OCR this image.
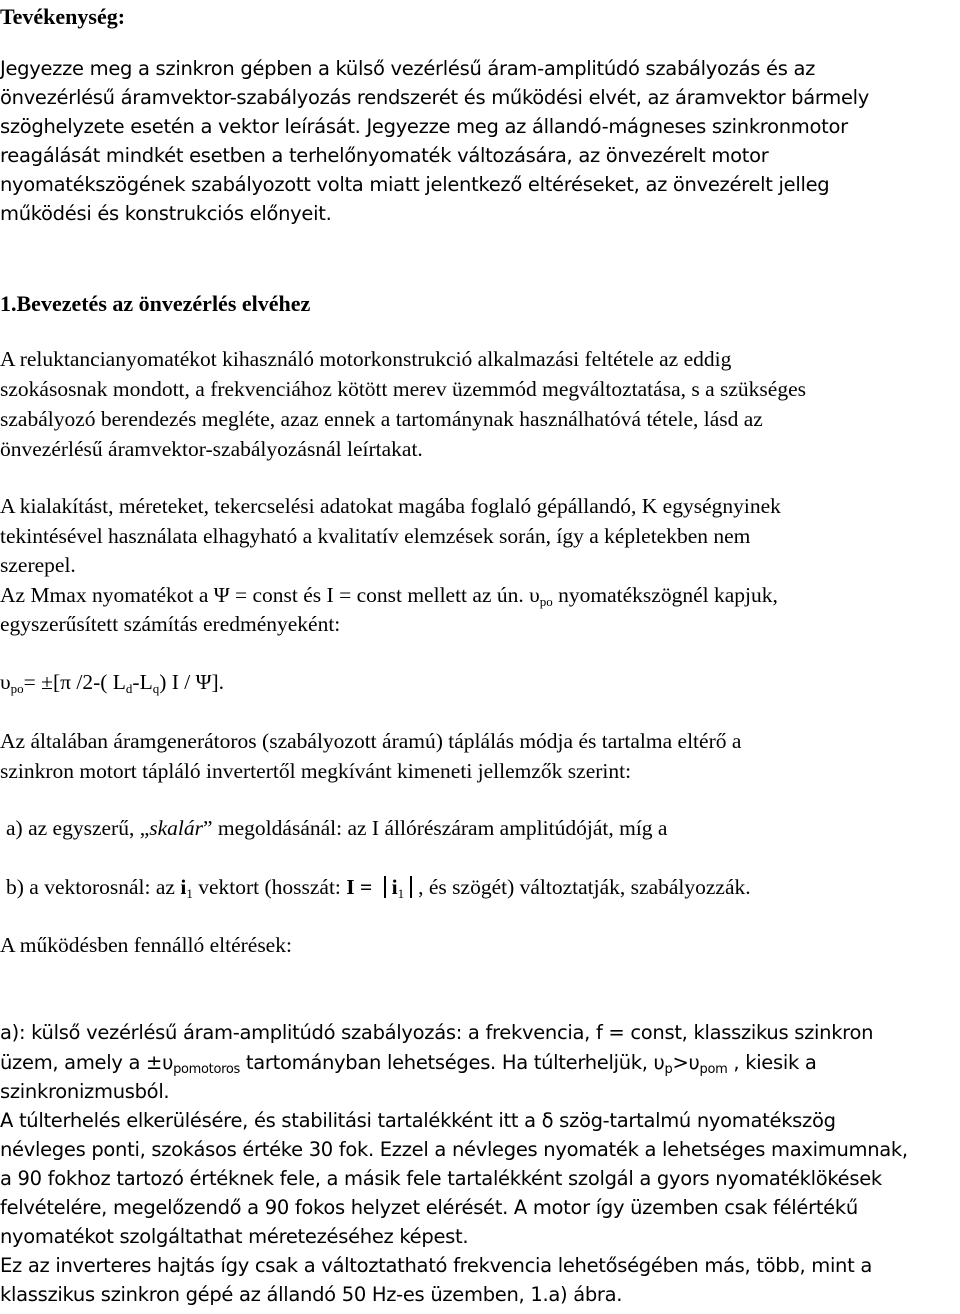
Tevékenység:

Jegyezze meg a szinkron gépben a külső vezérlésű áram-amplitúdó szabályozás és az

önvezérlésű áramvektor-szabályozás rendszerét és működési elvét, az áramvektor bármely

szöghelyzete esetén a vektor leírását. Jegyezze meg az állandó-mágneses szinkronmotor

reagálását mindkét esetben a terhelőnyomaték változására, az önvezérelt motor

nyomatékszögének szabályozott volta miatt jelentkező eltéréseket, az önvezérelt jelleg

működési és konstrukciós előnyeit.

1.Bevezetés az önvezérlés elvéhez

A reluktancianyomatékot kihasználó motorkonstrukció alkalmazási feltétele az eddig

szokásosnak mondott, a frekvenciához kötött merev üzemmód megváltoztatása, s a szükséges

szabályozó berendezés megléte, azaz ennek a tartománynak használhatóvá tétele, lásd az

önvezérlésű áramvektor-szabályozásnál leírtakat.

A kialakítást, méreteket, tekercselési adatokat magába foglaló gépállandó, K egységnyinek

tekintésével használata elhagyható a kvalitatív elemzések során, így a képletekben nem

szerepel.

Az Mmax nyomatékot a Ψ = const és I = const mellett az ún. $\upsilon_{po}$ nyomatékszögnél kapjuk,

egyszerűsített számítás eredményeként:

$\upsilon_{po}= \pm[\pi$ /2-( $L_d-L_q$) I / Ψ].

Az általában áramgenerátoros (szabályozott áramú) táplálás módja és tartalma eltérő a

szinkron motort tápláló invertertől megkívánt kimeneti jellemzők szerint:

a) az egyszerű, „skalár” megoldásánál: az I állórészáram amplitúdóját, míg a

b) a vektorosnál: az $i_1$ vektort (hosszát: $I = i_1$ , és szögét) változtatják, szabályozzák.

A működésben fennálló eltérések:

a): külső vezérlésű áram-amplitúdó szabályozás: a frekvencia, f = const, klasszikus szinkron

üzem, amely $a \pm\upsilon_{pomotoros}$ tartományban lehetséges. Ha túlterheljük, $\upsilon_p>\upsilon_{pom}$ , kiesik a

szinkronizmusból.

A túlterhelés elkerülésére, és stabilitási tartalékként itt a δ szög-tartalmú nyomatékszög

névleges ponti, szokásos értéke 30 fok. Ezzel a névleges nyomaték a lehetséges maximumnak,

a 90 fokhoz tartozó értéknek fele, a másik fele tartalékként szolgál a gyors nyomatéklökések

felvételére, megelőzendő a 90 fokos helyzet elérését. A motor így üzemben csak félértékű

nyomatékot szolgáltathat méretezéséhez képest.

Ez az inverteres hajtás így csak a változtatható frekvencia lehetőségében más, több, mint a

klasszikus szinkron gépé az állandó 50 Hz-es üzemben, 1.a) ábra.
